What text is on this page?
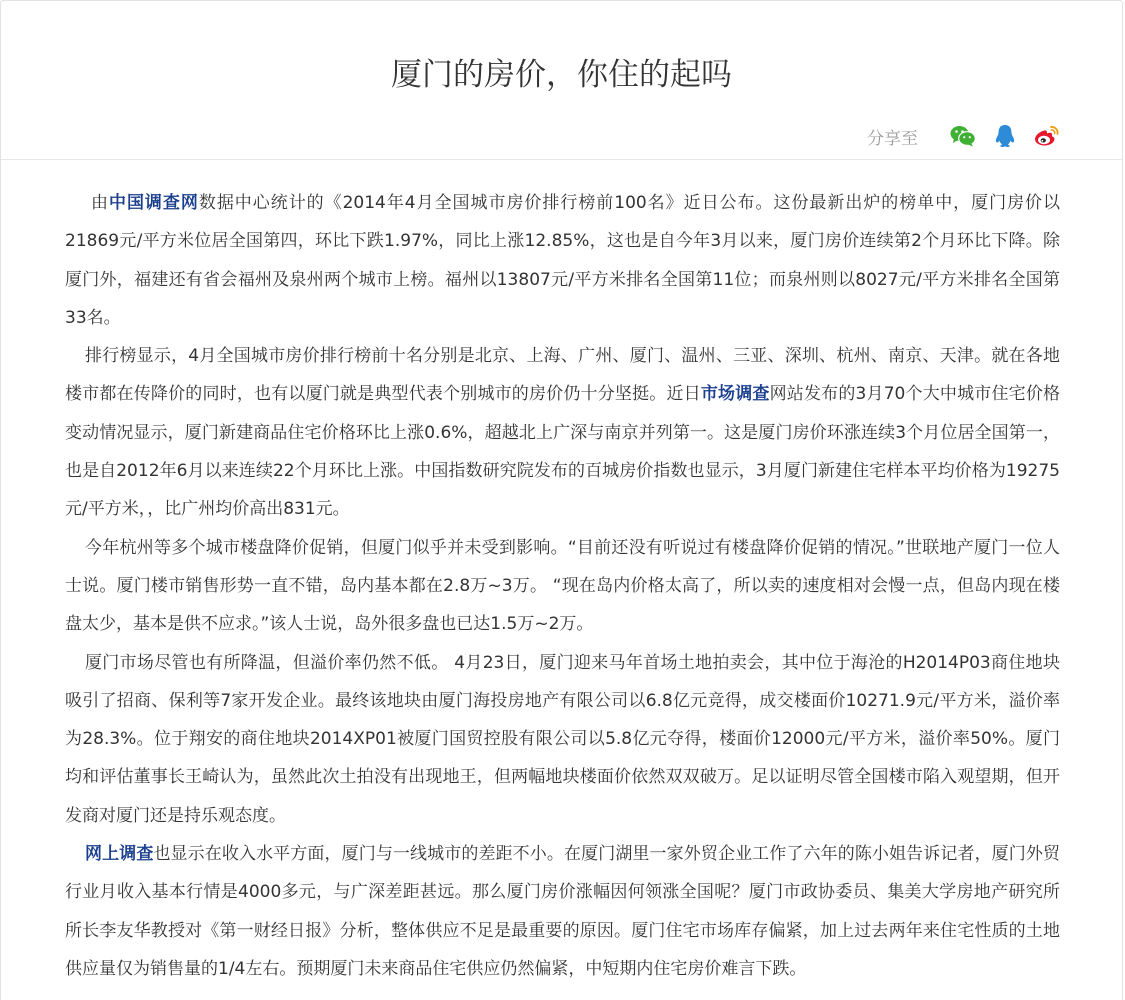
厦门的房价，你住的起吗
分享至

由中国调查网数据中心统计的《2014年4月全国城市房价排行榜前100名》近日公布。这份最新出炉的榜单中，厦门房价以21869元/平方米位居全国第四，环比下跌1.97%，同比上涨12.85%，这也是自今年3月以来，厦门房价连续第2个月环比下降。除厦门外，福建还有省会福州及泉州两个城市上榜。福州以13807元/平方米排名全国第11位；而泉州则以8027元/平方米排名全国第33名。

排行榜显示，4月全国城市房价排行榜前十名分别是北京、上海、广州、厦门、温州、三亚、深圳、杭州、南京、天津。就在各地楼市都在传降价的同时，也有以厦门就是典型代表个别城市的房价仍十分坚挺。近日市场调查网站发布的3月70个大中城市住宅价格变动情况显示，厦门新建商品住宅价格环比上涨0.6%，超越北上广深与南京并列第一。这是厦门房价环涨连续3个月位居全国第一，也是自2012年6月以来连续22个月环比上涨。中国指数研究院发布的百城房价指数也显示，3月厦门新建住宅样本平均价格为19275元/平方米，，比广州均价高出831元。

今年杭州等多个城市楼盘降价促销，但厦门似乎并未受到影响。“目前还没有听说过有楼盘降价促销的情况。”世联地产厦门一位人士说。厦门楼市销售形势一直不错，岛内基本都在2.8万~3万。 “现在岛内价格太高了，所以卖的速度相对会慢一点，但岛内现在楼盘太少，基本是供不应求。”该人士说，岛外很多盘也已达1.5万~2万。

厦门市场尽管也有所降温，但溢价率仍然不低。 4月23日，厦门迎来马年首场土地拍卖会，其中位于海沧的H2014P03商住地块吸引了招商、保利等7家开发企业。最终该地块由厦门海投房地产有限公司以6.8亿元竞得，成交楼面价10271.9元/平方米，溢价率为28.3%。位于翔安的商住地块2014XP01被厦门国贸控股有限公司以5.8亿元夺得，楼面价12000元/平方米，溢价率50%。厦门均和评估董事长王崎认为，虽然此次土拍没有出现地王，但两幅地块楼面价依然双双破万。足以证明尽管全国楼市陷入观望期，但开发商对厦门还是持乐观态度。

网上调查也显示在收入水平方面，厦门与一线城市的差距不小。在厦门湖里一家外贸企业工作了六年的陈小姐告诉记者，厦门外贸行业月收入基本行情是4000多元，与广深差距甚远。那么厦门房价涨幅因何领涨全国呢？厦门市政协委员、集美大学房地产研究所所长李友华教授对《第一财经日报》分析，整体供应不足是最重要的原因。厦门住宅市场库存偏紧，加上过去两年来住宅性质的土地供应量仅为销售量的1/4左右。预期厦门未来商品住宅供应仍然偏紧，中短期内住宅房价难言下跌。
